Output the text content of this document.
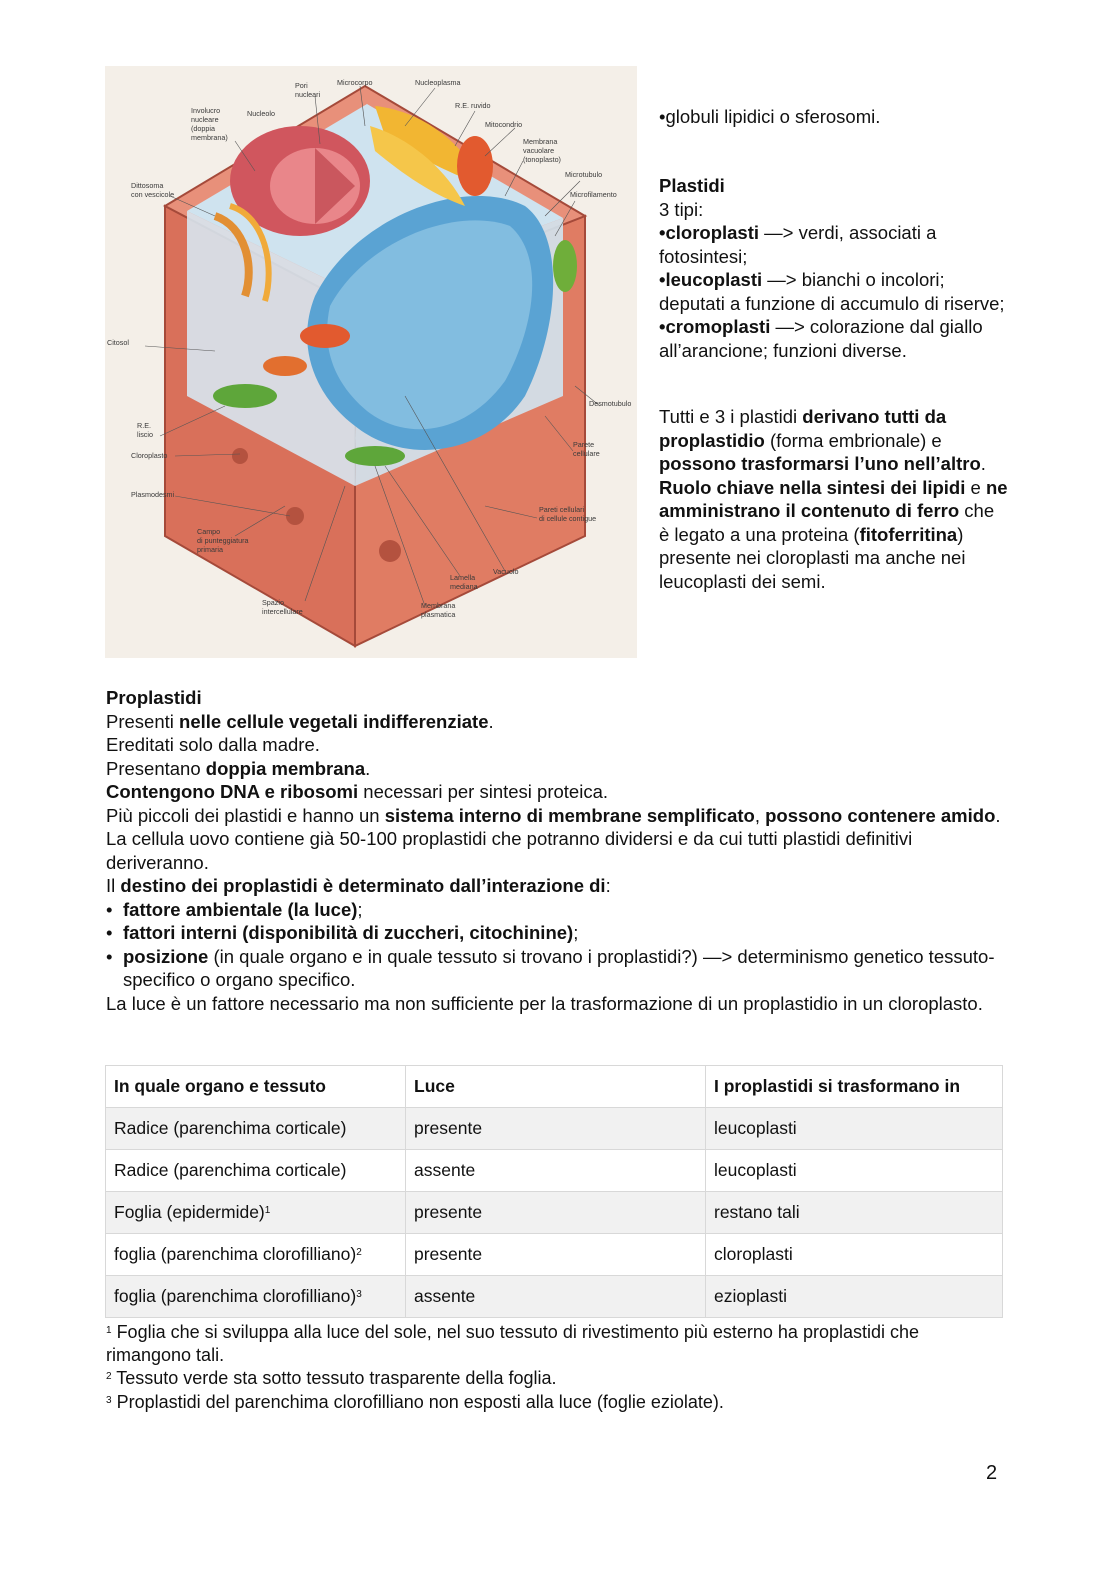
Pori
nucleari
Microcorpo	Nucleoplasma
R.E. ruvido
Involucro
nucleare
(doppia
membrana)
Nucleolo
Mitocondrio
Membrana
vacuolare
(tonoplasto)
Dittosoma
con vescicole
Microtubulo
Microfilamento
Citosol
Desmotubulo
R.E.
liscio
Parete
cellulare
Cloroplasto
Plasmodesmi
Pareti cellulari
di cellule contigue
Campo
di punteggiatura
primaria
Vacuolo
Lamella
mediana
Spazio
intercellulare
Membrana
plasmatica

•globuli lipidici o sferosomi.

Plastidi

3 tipi:

•cloroplasti —> verdi, associati a fotosintesi;

•leucoplasti —> bianchi o incolori; deputati a funzione di accumulo di riserve;

•cromoplasti —> colorazione dal giallo all’arancione; funzioni diverse.

Tutti e 3 i plastidi derivano tutti da proplastidio (forma embrionale) e possono trasformarsi l’uno nell’altro.

Ruolo chiave nella sintesi dei lipidi e ne amministrano il contenuto di ferro che è legato a una proteina (fitoferritina) presente nei cloroplasti ma anche nei leucoplasti dei semi.

Proplastidi

Presenti nelle cellule vegetali indifferenziate.

Ereditati solo dalla madre.

Presentano doppia membrana.

Contengono DNA e ribosomi necessari per sintesi proteica.

Più piccoli dei plastidi e hanno un sistema interno di membrane semplificato, possono contenere amido.

La cellula uovo contiene già 50-100 proplastidi che potranno dividersi e da cui tutti plastidi definitivi deriveranno.

Il destino dei proplastidi è determinato dall’interazione di:

• fattore ambientale (la luce);

• fattori interni (disponibilità di zuccheri, citochinine);

• posizione (in quale organo e in quale tessuto si trovano i proplastidi?) —> determinismo genetico tessuto-specifico o organo specifico.

La luce è un fattore necessario ma non sufficiente per la trasformazione di un proplastidio in un cloroplasto.

In quale organo e tessuto	Luce	I proplastidi si trasformano in
Radice (parenchima corticale)	presente	leucoplasti
Radice (parenchima corticale)	assente	leucoplasti
Foglia (epidermide)$^1$	presente	restano tali
foglia (parenchima clorofilliano)$^2$	presente	cloroplasti
foglia (parenchima clorofilliano)$^3$	assente	ezioplasti

$^1$ Foglia che si sviluppa alla luce del sole, nel suo tessuto di rivestimento più esterno ha proplastidi che rimangono tali.

$^2$ Tessuto verde sta sotto tessuto trasparente della foglia.

$^3$ Proplastidi del parenchima clorofilliano non esposti alla luce (foglie eziolate).

2
